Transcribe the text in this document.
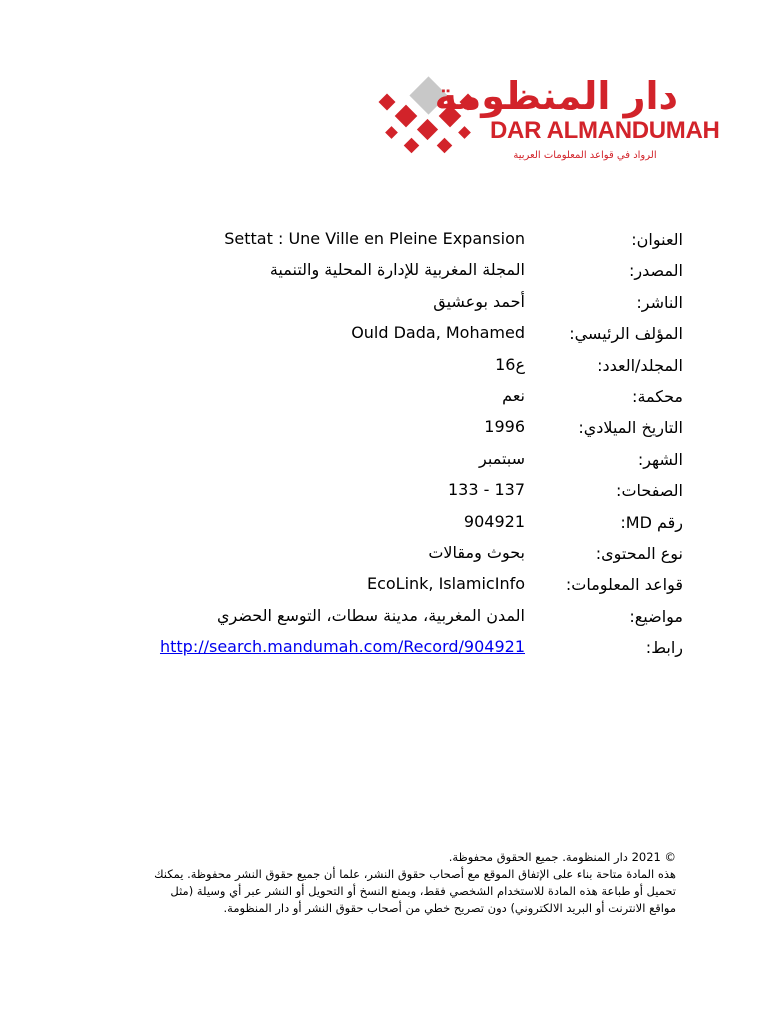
دار المنظومة
DAR ALMANDUMAH
الرواد في قواعد المعلومات العربية
العنوان:
Settat : Une Ville en Pleine Expansion
المصدر:
المجلة المغربية للإدارة المحلية والتنمية
الناشر:
أحمد بوعشيق
المؤلف الرئيسي:
Ould Dada, Mohamed
المجلد/العدد:
ع16
محكمة:
نعم
التاريخ الميلادي:
1996
الشهر:
سبتمبر
الصفحات:
133 - 137
رقم MD:
904921
نوع المحتوى:
بحوث ومقالات
قواعد المعلومات:
EcoLink, IslamicInfo
مواضيع:
المدن المغربية، مدينة سطات، التوسع الحضري
رابط:
http://search.mandumah.com/Record/904921
© 2021 دار المنظومة. جميع الحقوق محفوظة.
هذه المادة متاحة بناء على الإتفاق الموقع مع أصحاب حقوق النشر، علما أن جميع حقوق النشر محفوظة. يمكنك
تحميل أو طباعة هذه المادة للاستخدام الشخصي فقط، ويمنع النسخ أو التحويل أو النشر عبر أي وسيلة (مثل
مواقع الانترنت أو البريد الالكتروني) دون تصريح خطي من أصحاب حقوق النشر أو دار المنظومة.
